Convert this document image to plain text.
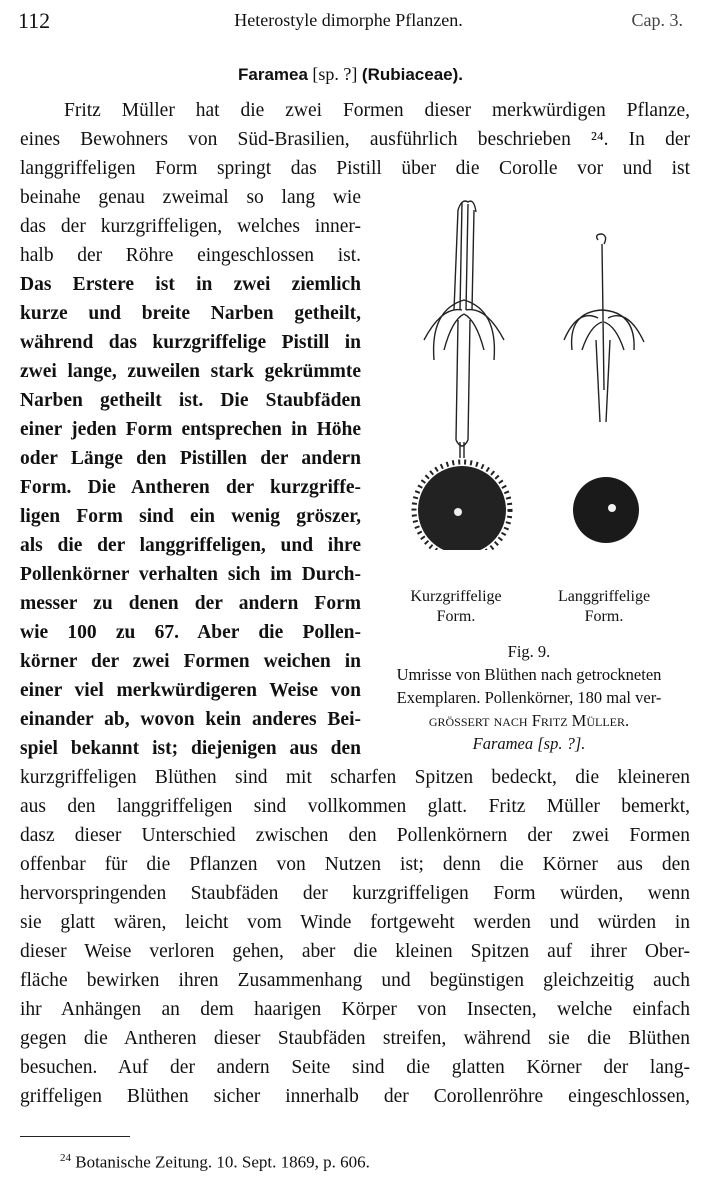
112	Heterostyle dimorphe Pflanzen.	Cap. 3.
Faramea [sp. ?] (Rubiaceae).
Fritz Müller hat die zwei Formen dieser merkwürdigen Pflanze,
eines Bewohners von Süd-Brasilien, ausführlich beschrieben ²⁴. In der
langgriffeligen Form springt das Pistill über die Corolle vor und ist
beinahe genau zweimal so lang wie
das der kurzgriffeligen, welches inner-
halb der Röhre eingeschlossen ist.
Das Erstere ist in zwei ziemlich
kurze und breite Narben getheilt,
während das kurzgriffelige Pistill in
zwei lange, zuweilen stark gekrümmte
Narben getheilt ist. Die Staubfäden
einer jeden Form entsprechen in Höhe
oder Länge den Pistillen der andern
Form. Die Antheren der kurzgriffe-
ligen Form sind ein wenig gröszer,
als die der langgriffeligen, und ihre
Pollenkörner verhalten sich im Durch-
messer zu denen der andern Form
wie 100 zu 67. Aber die Pollen-
körner der zwei Formen weichen in
einer viel merkwürdigeren Weise von
einander ab, wovon kein anderes Bei-
spiel bekannt ist; diejenigen aus den
Kurzgriffelige
Form.
Langgriffelige
Form.
Fig. 9.
Umrisse von Blüthen nach getrockneten
Exemplaren. Pollenkörner, 180 mal ver-
grössert nach Fritz Müller.
Faramea [sp. ?].
kurzgriffeligen Blüthen sind mit scharfen Spitzen bedeckt, die kleineren
aus den langgriffeligen sind vollkommen glatt. Fritz Müller bemerkt,
dasz dieser Unterschied zwischen den Pollenkörnern der zwei Formen
offenbar für die Pflanzen von Nutzen ist; denn die Körner aus den
hervorspringenden Staubfäden der kurzgriffeligen Form würden, wenn
sie glatt wären, leicht vom Winde fortgeweht werden und würden in
dieser Weise verloren gehen, aber die kleinen Spitzen auf ihrer Ober-
fläche bewirken ihren Zusammenhang und begünstigen gleichzeitig auch
ihr Anhängen an dem haarigen Körper von Insecten, welche einfach
gegen die Antheren dieser Staubfäden streifen, während sie die Blüthen
besuchen. Auf der andern Seite sind die glatten Körner der lang-
griffeligen Blüthen sicher innerhalb der Corollenröhre eingeschlossen,
$^{24}$ Botanische Zeitung. 10. Sept. 1869, p. 606.
